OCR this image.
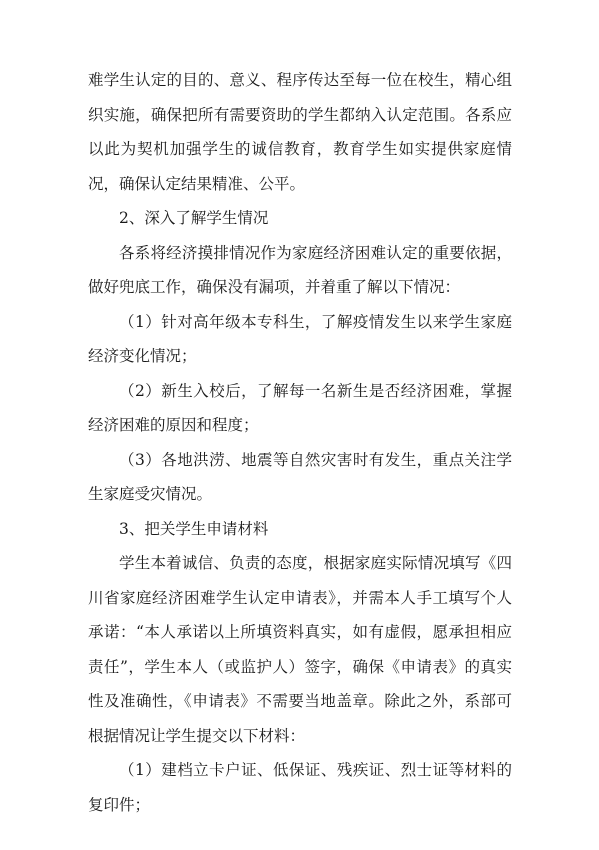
难学生认定的目的、意义、程序传达至每一位在校生，精心组织实施，确保把所有需要资助的学生都纳入认定范围。各系应以此为契机加强学生的诚信教育，教育学生如实提供家庭情况，确保认定结果精准、公平。

2、深入了解学生情况

各系将经济摸排情况作为家庭经济困难认定的重要依据，做好兜底工作，确保没有漏项，并着重了解以下情况：

（1）针对高年级本专科生，了解疫情发生以来学生家庭经济变化情况；

（2）新生入校后，了解每一名新生是否经济困难，掌握经济困难的原因和程度；

（3）各地洪涝、地震等自然灾害时有发生，重点关注学生家庭受灾情况。

3、把关学生申请材料

学生本着诚信、负责的态度，根据家庭实际情况填写《四川省家庭经济困难学生认定申请表》，并需本人手工填写个人承诺：“本人承诺以上所填资料真实，如有虚假，愿承担相应责任”，学生本人（或监护人）签字，确保《申请表》的真实性及准确性，《申请表》不需要当地盖章。除此之外，系部可根据情况让学生提交以下材料：

（1）建档立卡户证、低保证、残疾证、烈士证等材料的复印件；
